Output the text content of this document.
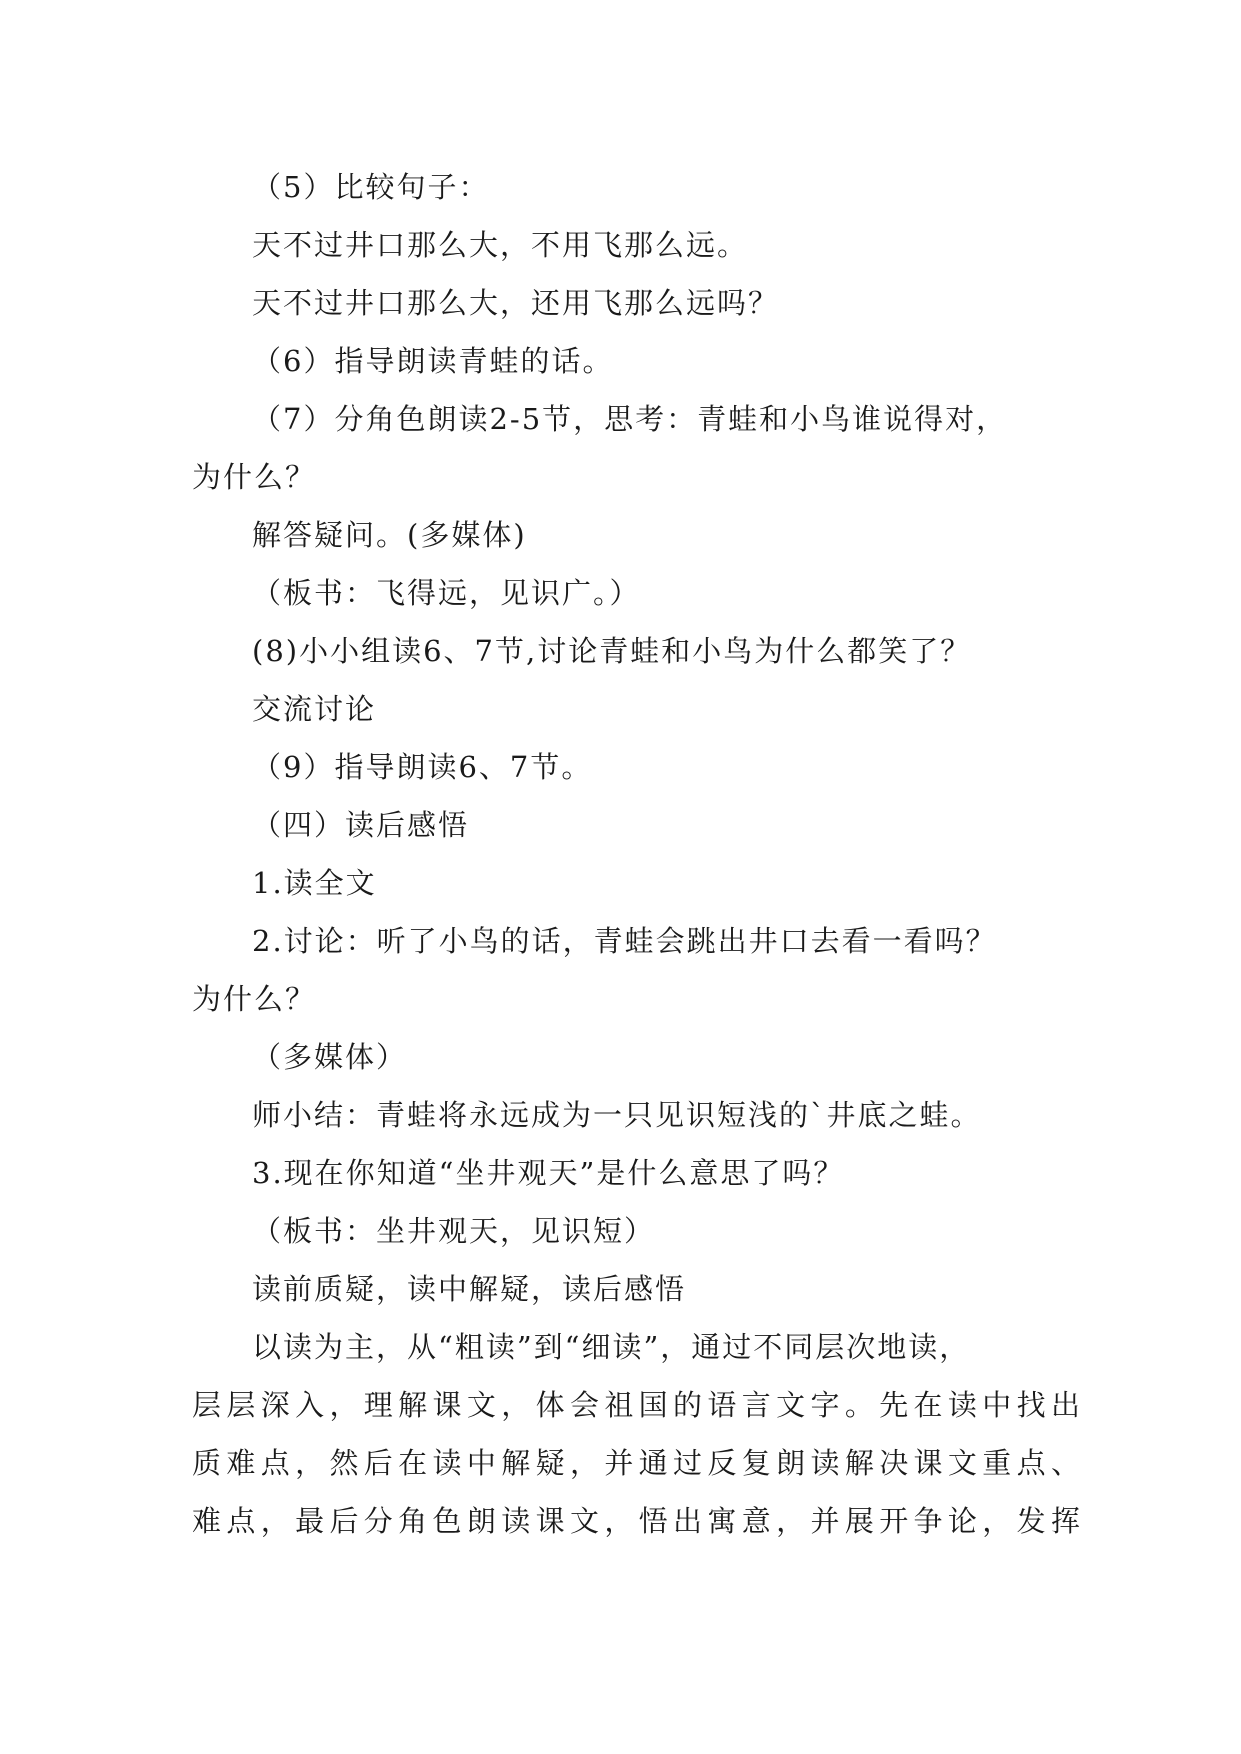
（5）比较句子：
天不过井口那么大，不用飞那么远。
天不过井口那么大，还用飞那么远吗？
（6）指导朗读青蛙的话。
（7）分角色朗读2-5节，思考：青蛙和小鸟谁说得对，
为什么？
解答疑问。(多媒体)
（板书：飞得远，见识广。）
(8)小小组读6、7节,讨论青蛙和小鸟为什么都笑了？
交流讨论
（9）指导朗读6、7节。
（四）读后感悟
1.读全文
2.讨论：听了小鸟的话，青蛙会跳出井口去看一看吗？
为什么？
（多媒体）
师小结：青蛙将永远成为一只见识短浅的`井底之蛙。
3.现在你知道“坐井观天”是什么意思了吗？
（板书：坐井观天，见识短）
读前质疑，读中解疑，读后感悟
以读为主，从“粗读”到“细读”，通过不同层次地读，
层层深入，理解课文，体会祖国的语言文字。先在读中找出
质难点，然后在读中解疑，并通过反复朗读解决课文重点、
难点，最后分角色朗读课文，悟出寓意，并展开争论，发挥
